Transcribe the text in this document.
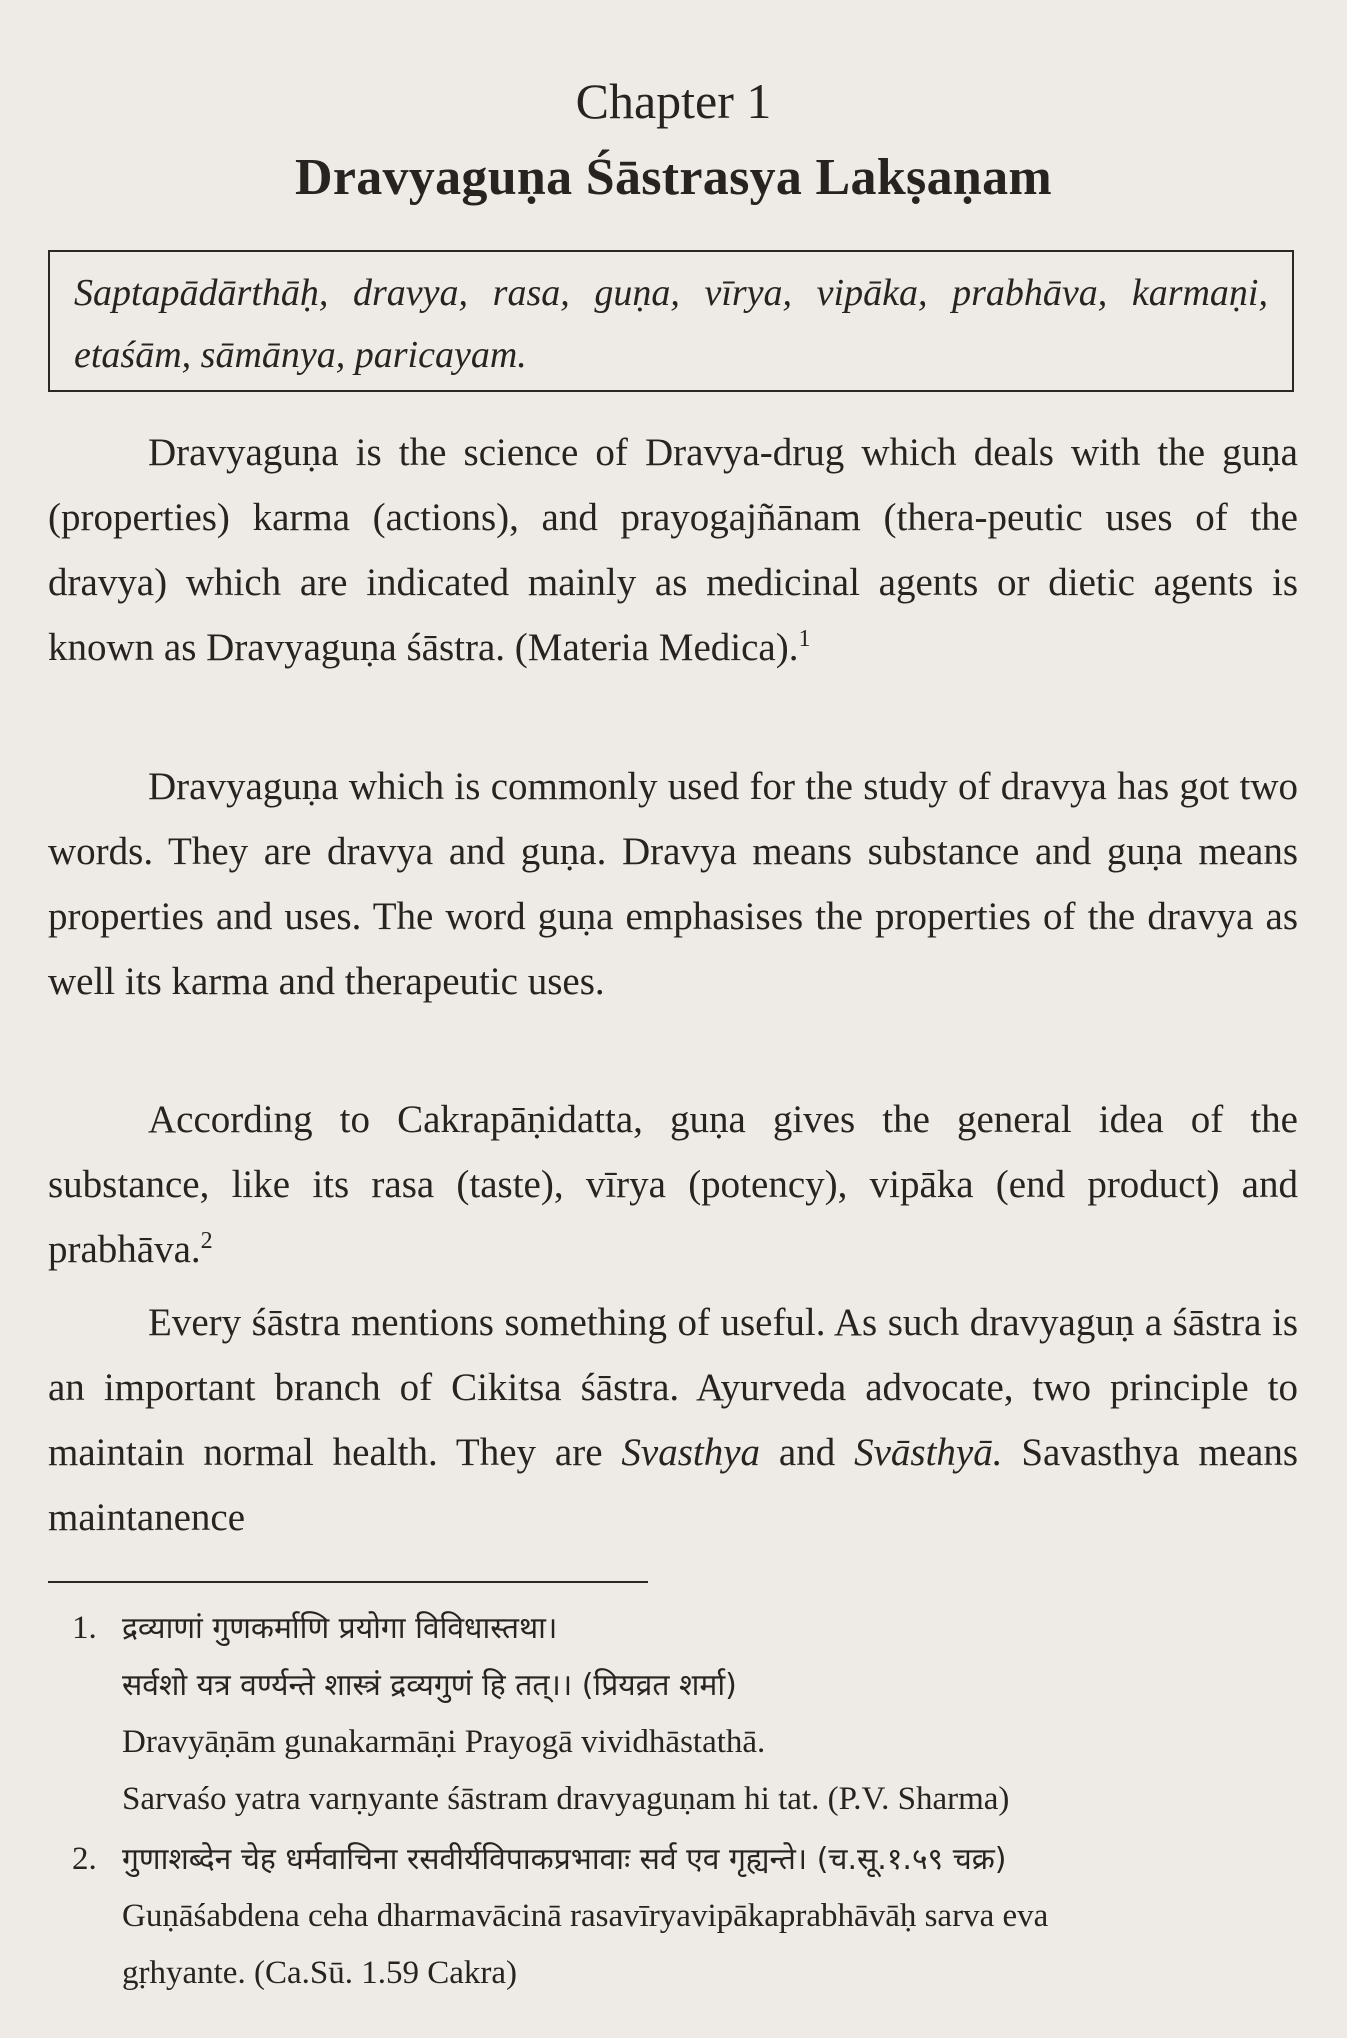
Chapter 1
Dravyaguṇa Śāstrasya Lakṣaṇam
Saptapādārthāḥ, dravya, rasa, guṇa, vīrya, vipāka, prabhāva, karmaṇi, etaśām, sāmānya, paricayam.

Dravyaguṇa is the science of Dravya-drug which deals with the guṇa (properties) karma (actions), and prayogajñānam (thera-peutic uses of the dravya) which are indicated mainly as medicinal agents or dietic agents is known as Dravyaguṇa śāstra. (Materia Medica).$^1$

Dravyaguṇa which is commonly used for the study of dravya has got two words. They are dravya and guṇa. Dravya means substance and guṇa means properties and uses. The word guṇa emphasises the properties of the dravya as well its karma and therapeutic uses.

According to Cakrapāṇidatta, guṇa gives the general idea of the substance, like its rasa (taste), vīrya (potency), vipāka (end product) and prabhāva.$^2$

Every śāstra mentions something of useful. As such dravyaguṇ a śāstra is an important branch of Cikitsa śāstra. Ayurveda advocate, two principle to maintain normal health. They are Svasthya and Svāsthyā. Savasthya means maintanence

1. द्रव्याणां गुणकर्माणि प्रयोगा विविधास्तथा।
सर्वशो यत्र वर्ण्यन्ते शास्त्रं द्रव्यगुणं हि तत्।। (प्रियव्रत शर्मा)
Dravyāṇām gunakarmāṇi Prayogā vividhāstathā.
Sarvaśo yatra varṇyante śāstram dravyaguṇam hi tat. (P.V. Sharma)
2. गुणाशब्देन चेह धर्मवाचिना रसवीर्यविपाकप्रभावाः सर्व एव गृह्यन्ते। (च.सू.१.५९ चक्र)
Guṇāśabdena ceha dharmavācinā rasavīryavipākaprabhāvāḥ sarva eva
gṛhyante. (Ca.Sū. 1.59 Cakra)
